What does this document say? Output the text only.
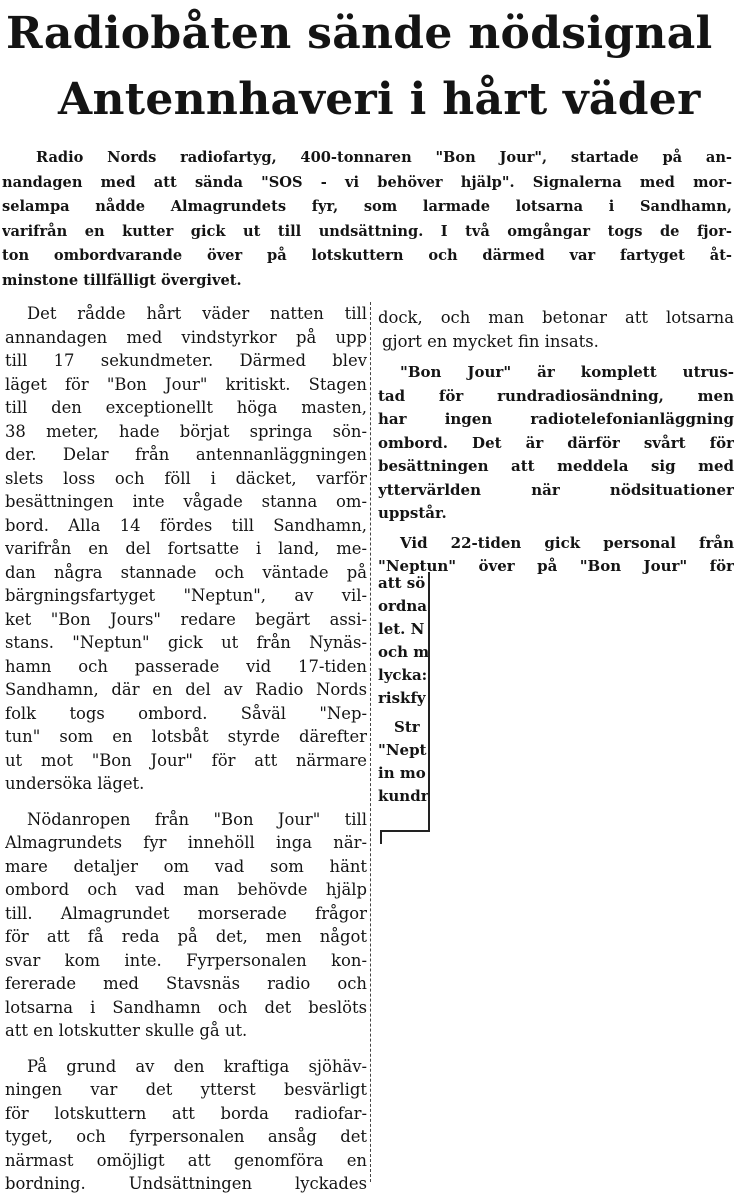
Radiobåten sände nödsignal
Antennhaveri i hårt väder
Radio Nords radiofartyg, 400-tonnaren "Bon Jour", startade på an-
nandagen med att sända "SOS - vi behöver hjälp". Signalerna med mor-
selampa nådde Almagrundets fyr, som larmade lotsarna i Sandhamn,
varifrån en kutter gick ut till undsättning. I två omgångar togs de fjor-
ton ombordvarande över på lotskuttern och därmed var fartyget åt-
minstone tillfälligt övergivet.

Det rådde hårt väder natten till
annandagen med vindstyrkor på upp
till 17 sekundmeter. Därmed blev
läget för "Bon Jour" kritiskt. Stagen
till den exceptionellt höga masten,
38 meter, hade börjat springa sön-
der. Delar från antennanläggningen
slets loss och föll i däcket, varför
besättningen inte vågade stanna om-
bord. Alla 14 fördes till Sandhamn,
varifrån en del fortsatte i land, me-
dan några stannade och väntade på
bärgningsfartyget "Neptun", av vil-
ket "Bon Jours" redare begärt assi-
stans. "Neptun" gick ut från Nynäs-
hamn och passerade vid 17-tiden
Sandhamn, där en del av Radio Nords
folk togs ombord. Såväl "Nep-
tun" som en lotsbåt styrde därefter
ut mot "Bon Jour" för att närmare
undersöka läget.

Nödanropen från "Bon Jour" till
Almagrundets fyr innehöll inga när-
mare detaljer om vad som hänt
ombord och vad man behövde hjälp
till. Almagrundet morserade frågor
för att få reda på det, men något
svar kom inte. Fyrpersonalen kon-
fererade med Stavsnäs radio och
lotsarna i Sandhamn och det beslöts
att en lotskutter skulle gå ut.

På grund av den kraftiga sjöhäv-
ningen var det ytterst besvärligt
för lotskuttern att borda radiofar-
tyget, och fyrpersonalen ansåg det
närmast omöjligt att genomföra en
bordning. Undsättningen lyckades

dock, och man betonar att lotsarna
gjort en mycket fin insats.

"Bon Jour" är komplett utrus-
tad för rundradiosändning, men
har ingen radiotelefonianläggning
ombord. Det är därför svårt för
besättningen att meddela sig med
yttervärlden när nödsituationer
uppstår.

Vid 22-tiden gick personal från
"Neptun" över på "Bon Jour" för

att sö
ordna
let. N
och m
lycka:
riskfy
Str
"Nept
in mo
kundr
